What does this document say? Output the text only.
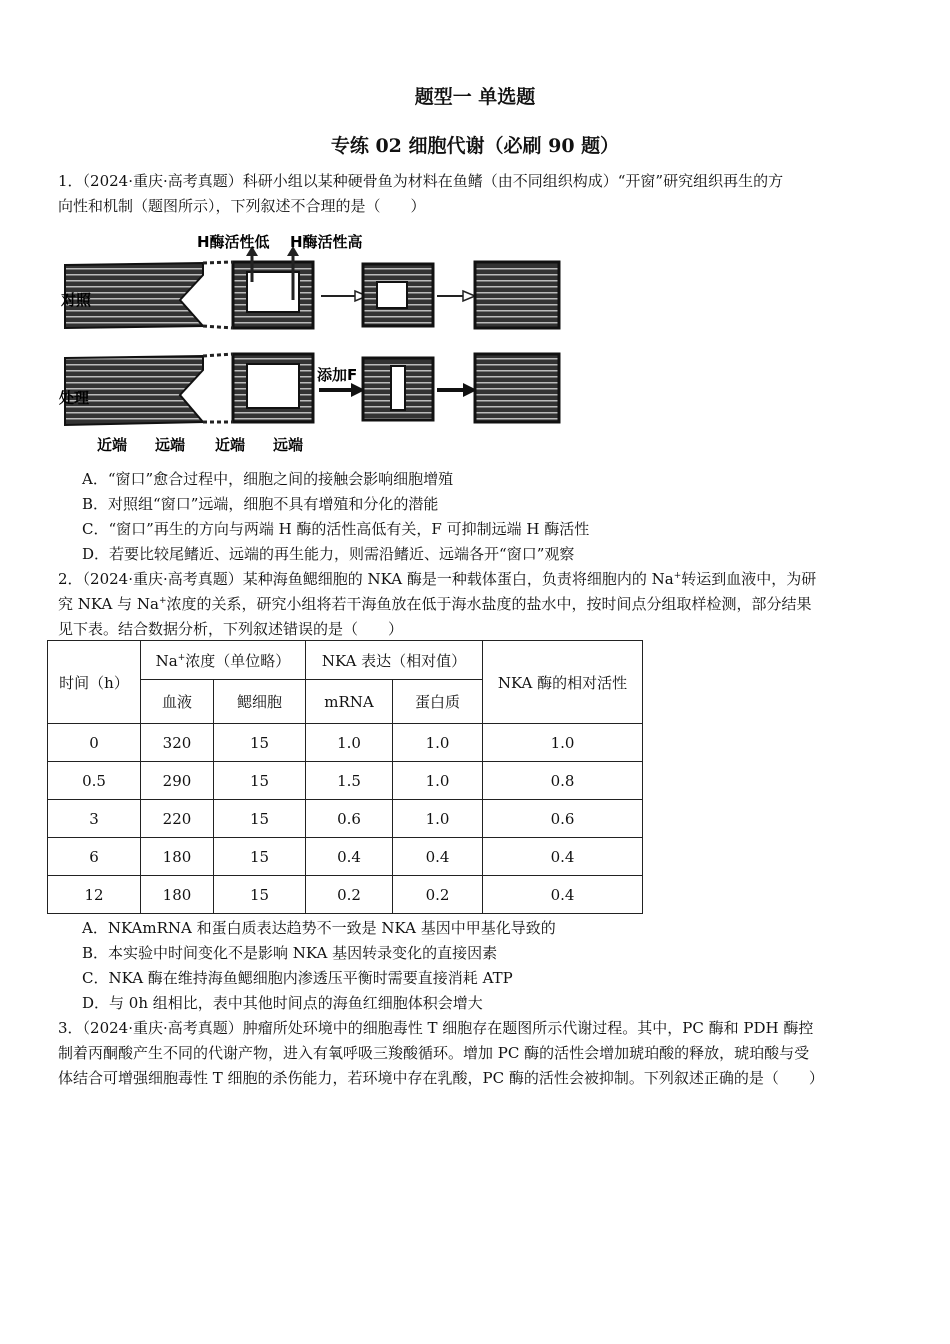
题型一 单选题
专练 02 细胞代谢（必刷 90 题）
1．（2024·重庆·高考真题）科研小组以某种硬骨鱼为材料在鱼鳍（由不同组织构成）“开窗”研究组织再生的方
向性和机制（题图所示），下列叙述不合理的是（　　）
H酶活性低 H酶活性高
对照
处理
添加F
近端 远端 近端 远端
A．“窗口”愈合过程中，细胞之间的接触会影响细胞增殖
B．对照组“窗口”远端，细胞不具有增殖和分化的潜能
C．“窗口”再生的方向与两端 H 酶的活性高低有关，F 可抑制远端 H 酶活性
D．若要比较尾鳍近、远端的再生能力，则需沿鳍近、远端各开“窗口”观察
2．（2024·重庆·高考真题）某种海鱼鳃细胞的 NKA 酶是一种载体蛋白，负责将细胞内的 Na+转运到血液中，为研
究 NKA 与 Na+浓度的关系，研究小组将若干海鱼放在低于海水盐度的盐水中，按时间点分组取样检测，部分结果
见下表。结合数据分析，下列叙述错误的是（　　）
时间（h）	Na+浓度（单位略）		NKA 表达（相对值）		NKA 酶的相对活性
	血液	鳃细胞	mRNA	蛋白质	
0	320	15	1.0	1.0	1.0
0.5	290	15	1.5	1.0	0.8
3	220	15	0.6	1.0	0.6
6	180	15	0.4	0.4	0.4
12	180	15	0.2	0.2	0.4
A．NKAmRNA 和蛋白质表达趋势不一致是 NKA 基因中甲基化导致的
B．本实验中时间变化不是影响 NKA 基因转录变化的直接因素
C．NKA 酶在维持海鱼鳃细胞内渗透压平衡时需要直接消耗 ATP
D．与 0h 组相比，表中其他时间点的海鱼红细胞体积会增大
3．（2024·重庆·高考真题）肿瘤所处环境中的细胞毒性 T 细胞存在题图所示代谢过程。其中，PC 酶和 PDH 酶控
制着丙酮酸产生不同的代谢产物，进入有氧呼吸三羧酸循环。增加 PC 酶的活性会增加琥珀酸的释放，琥珀酸与受
体结合可增强细胞毒性 T 细胞的杀伤能力，若环境中存在乳酸，PC 酶的活性会被抑制。下列叙述正确的是（　　）
